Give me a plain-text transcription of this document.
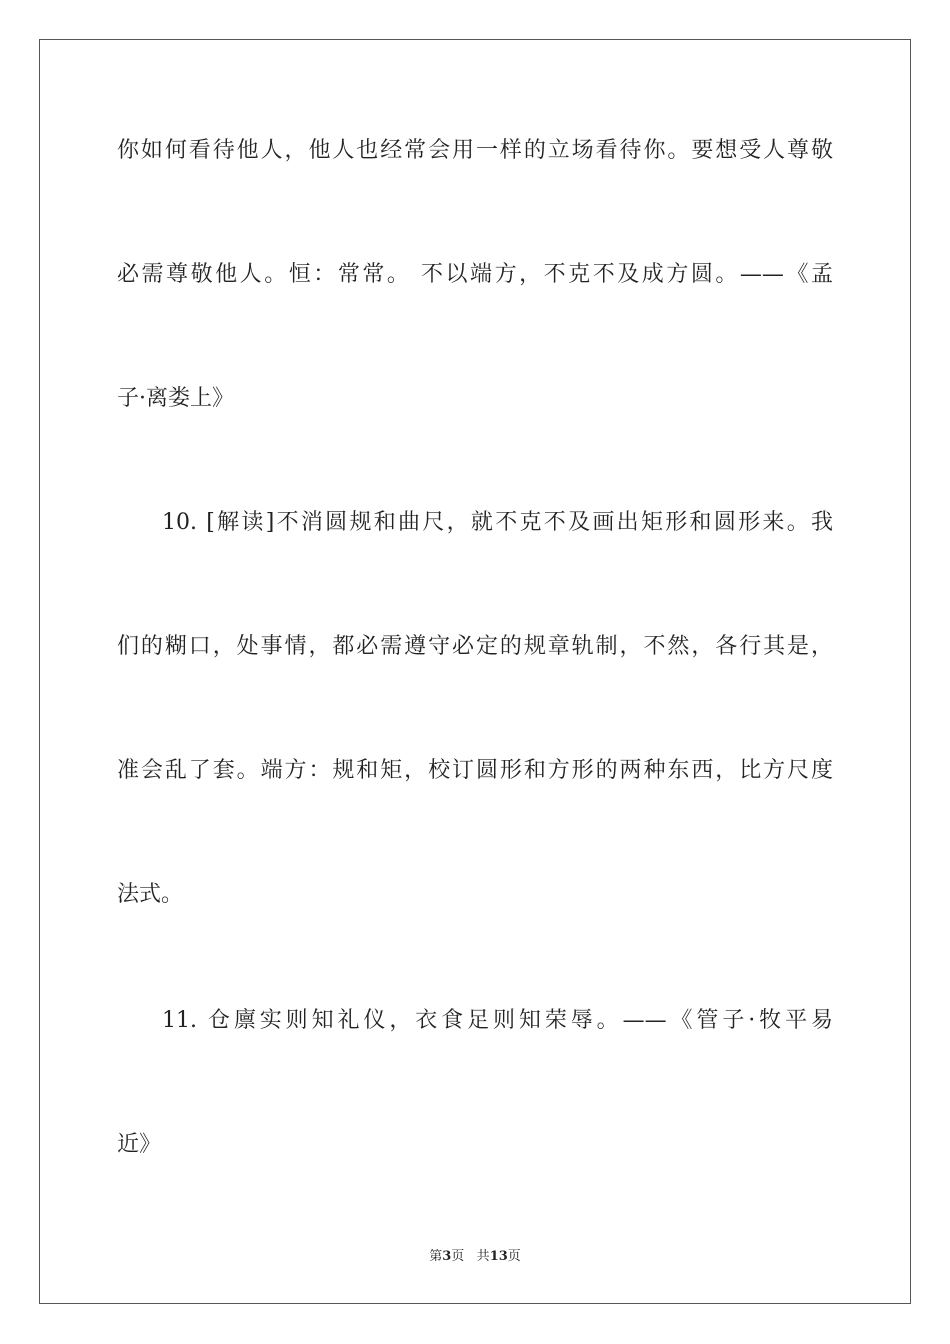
你如何看待他人，他人也经常会用一样的立场看待你。要想受人尊敬
必需尊敬他人。恒：常常。 不以端方，不克不及成方圆。——《孟
子·离娄上》
10. [解读]不消圆规和曲尺，就不克不及画出矩形和圆形来。我
们的糊口，处事情，都必需遵守必定的规章轨制，不然，各行其是，
准会乱了套。端方：规和矩，校订圆形和方形的两种东西，比方尺度
法式。
11. 仓廪实则知礼仪，衣食足则知荣辱。——《管子·牧平易
近》
第3页 共13页
